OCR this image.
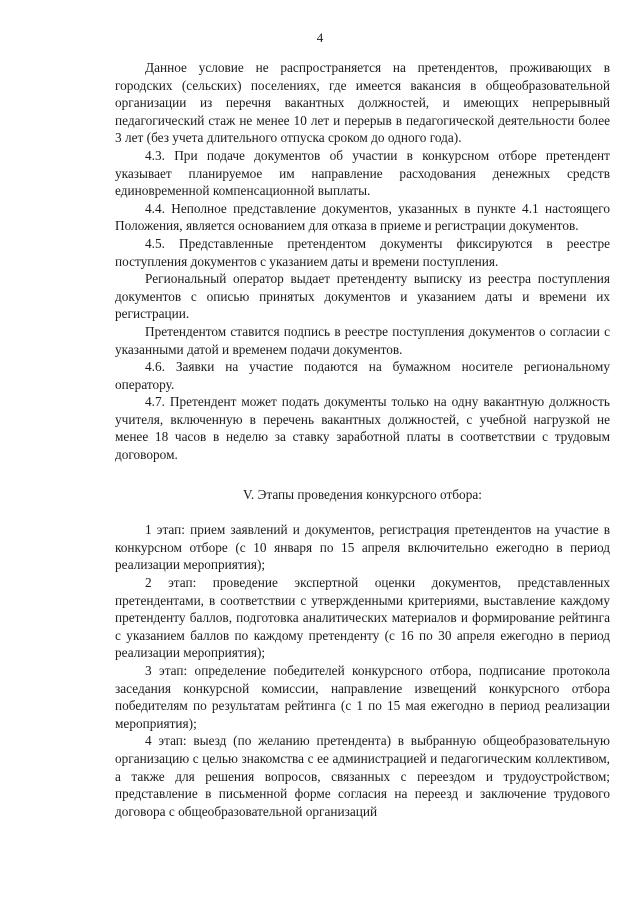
4

Данное условие не распространяется на претендентов, проживающих в городских (сельских) поселениях, где имеется вакансия в общеобразовательной организации из перечня вакантных должностей, и имеющих непрерывный педагогический стаж не менее 10 лет и перерыв в педагогической деятельности более 3 лет (без учета длительного отпуска сроком до одного года).

4.3. При подаче документов об участии в конкурсном отборе претендент указывает планируемое им направление расходования денежных средств единовременной компенсационной выплаты.

4.4. Неполное представление документов, указанных в пункте 4.1 настоящего Положения, является основанием для отказа в приеме и регистрации документов.

4.5. Представленные претендентом документы фиксируются в реестре поступления документов с указанием даты и времени поступления.

Региональный оператор выдает претенденту выписку из реестра поступления документов с описью принятых документов и указанием даты и времени их регистрации.

Претендентом ставится подпись в реестре поступления документов о согласии с указанными датой и временем подачи документов.

4.6. Заявки на участие подаются на бумажном носителе региональному оператору.

4.7. Претендент может подать документы только на одну вакантную должность учителя, включенную в перечень вакантных должностей, с учебной нагрузкой не менее 18 часов в неделю за ставку заработной платы в соответствии с трудовым договором.

V. Этапы проведения конкурсного отбора:

1 этап: прием заявлений и документов, регистрация претендентов на участие в конкурсном отборе (с 10 января по 15 апреля включительно ежегодно в период реализации мероприятия);

2 этап: проведение экспертной оценки документов, представленных претендентами, в соответствии с утвержденными критериями, выставление каждому претенденту баллов, подготовка аналитических материалов и формирование рейтинга с указанием баллов по каждому претенденту (с 16 по 30 апреля ежегодно в период реализации мероприятия);

3 этап: определение победителей конкурсного отбора, подписание протокола заседания конкурсной комиссии, направление извещений конкурсного отбора победителям по результатам рейтинга (с 1 по 15 мая ежегодно в период реализации мероприятия);

4 этап: выезд (по желанию претендента) в выбранную общеобразовательную организацию с целью знакомства с ее администрацией и педагогическим коллективом, а также для решения вопросов, связанных с переездом и трудоустройством; представление в письменной форме согласия на переезд и заключение трудового договора с общеобразовательной организаций
